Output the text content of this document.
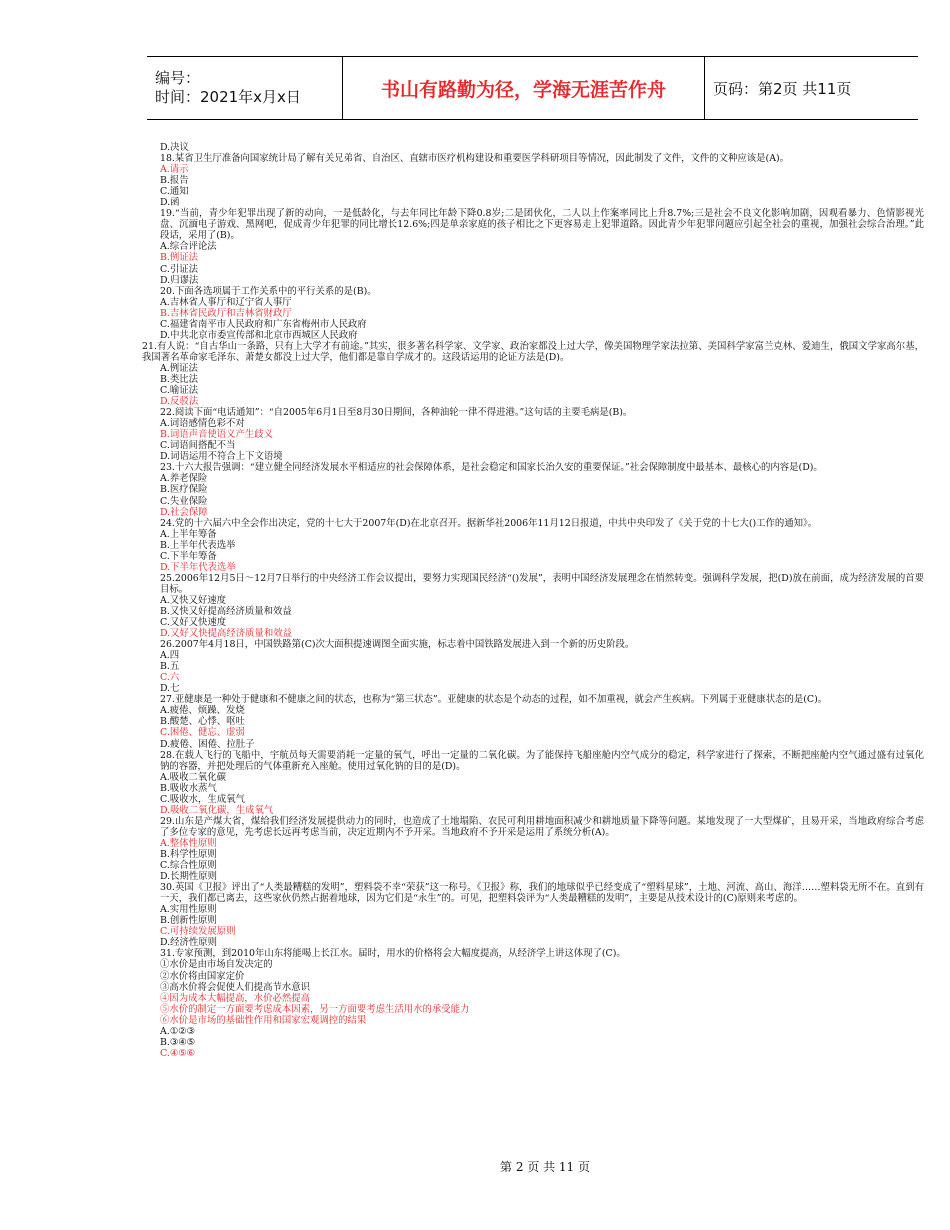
编号：
时间：2021年x月x日	书山有路勤为径，学海无涯苦作舟	页码：第2页 共11页
D.决议
18.某省卫生厅准备向国家统计局了解有关兄弟省、自治区、直辖市医疗机构建设和重要医学科研项目等情况，因此制发了文件，文件的文种应该是(A)。
A.请示
B.报告
C.通知
D.函
19.“当前，青少年犯罪出现了新的动向，一是低龄化，与去年同比年龄下降0.8岁;二是团伙化，二人以上作案率同比上升8.7%;三是社会不良文化影响加剧，因观看暴力、色情影视光盘、沉湎电子游戏、黑网吧，促成青少年犯罪的同比增长12.6%;四是单亲家庭的孩子相比之下更容易走上犯罪道路。因此青少年犯罪问题应引起全社会的重视，加强社会综合治理。”此段话，采用了(B)。
A.综合评论法
B.例证法
C.引证法
D.归谬法
20.下面各选项属于工作关系中的平行关系的是(B)。
A.吉林省人事厅和辽宁省人事厅
B.吉林省民政厅和吉林省财政厅
C.福建省南平市人民政府和广东省梅州市人民政府
D.中共北京市委宣传部和北京市西城区人民政府
21.有人说：“自古华山一条路，只有上大学才有前途。”其实，很多著名科学家、文学家、政治家都没上过大学，像美国物理学家法拉第、美国科学家富兰克林、爱迪生，俄国文学家高尔基，我国著名革命家毛泽东、萧楚女都没上过大学，他们都是靠自学成才的。这段话运用的论证方法是(D)。
A.例证法
B.类比法
C.喻证法
D.反驳法
22.阅读下面“电话通知”：“自2005年6月1日至8月30日期间，各种油轮一律不得进港。”这句话的主要毛病是(B)。
A.词语感情色彩不对
B.词语声音使语义产生歧义
C.词语间搭配不当
D.词语运用不符合上下文语境
23.十六大报告强调：“建立健全同经济发展水平相适应的社会保障体系，是社会稳定和国家长治久安的重要保证。”社会保障制度中最基本、最核心的内容是(D)。
A.养老保险
B.医疗保险
C.失业保险
D.社会保障
24.党的十六届六中全会作出决定，党的十七大于2007年(D)在北京召开。据新华社2006年11月12日报道，中共中央印发了《关于党的十七大()工作的通知》。
A.上半年筹备
B.上半年代表选举
C.下半年筹备
D.下半年代表选举
25.2006年12月5日～12月7日举行的中央经济工作会议提出，要努力实现国民经济“()发展”，表明中国经济发展理念在悄然转变。强调科学发展，把(D)放在前面，成为经济发展的首要目标。
A.又快又好速度
B.又快又好提高经济质量和效益
C.又好又快速度
D.又好又快提高经济质量和效益
26.2007年4月18日，中国铁路第(C)次大面积提速调图全面实施，标志着中国铁路发展进入到一个新的历史阶段。
A.四
B.五
C.六
D.七
27.亚健康是一种处于健康和不健康之间的状态，也称为“第三状态”。亚健康的状态是个动态的过程，如不加重视，就会产生疾病。下列属于亚健康状态的是(C)。
A.疲倦、烦躁、发烧
B.酸楚、心悸、呕吐
C.困倦、健忘、虚弱
D.疲倦、困倦、拉肚子
28.在载人飞行的飞船中，宇航员每天需要消耗一定量的氧气，呼出一定量的二氧化碳。为了能保持飞船座舱内空气成分的稳定，科学家进行了探索，不断把座舱内空气通过盛有过氧化钠的容器，并把处理后的气体重新充入座舱。使用过氧化钠的目的是(D)。
A.吸收二氧化碳
B.吸收水蒸气
C.吸收水，生成氧气
D.吸收二氧化碳，生成氧气
29.山东是产煤大省，煤给我们经济发展提供动力的同时，也造成了土地塌陷、农民可利用耕地面积减少和耕地质量下降等问题。某地发现了一大型煤矿，且易开采，当地政府综合考虑了多位专家的意见，先考虑长远再考虑当前，决定近期内不予开采。当地政府不予开采是运用了系统分析(A)。
A.整体性原则
B.科学性原则
C.综合性原则
D.长期性原则
30.英国《卫报》评出了“人类最糟糕的发明”，塑料袋不幸“荣获”这一称号。《卫报》称，我们的地球似乎已经变成了“塑料星球”，土地、河流、高山、海洋……塑料袋无所不在。直到有一天，我们都已离去，这些家伙仍然占据着地球，因为它们是“永生”的。可见，把塑料袋评为“人类最糟糕的发明”，主要是从技术设计的(C)原则来考虑的。
A.实用性原则
B.创新性原则
C.可持续发展原则
D.经济性原则
31.专家预测，到2010年山东将能喝上长江水。届时，用水的价格将会大幅度提高，从经济学上讲这体现了(C)。
①水价是由市场自发决定的
②水价将由国家定价
③高水价将会促使人们提高节水意识
④因为成本大幅提高，水价必然提高
⑤水价的制定一方面要考虑成本因素，另一方面要考虑生活用水的承受能力
⑥水价是市场的基础性作用和国家宏观调控的结果
A.①②③
B.③④⑤
C.④⑤⑥
第 2 页 共 11 页
